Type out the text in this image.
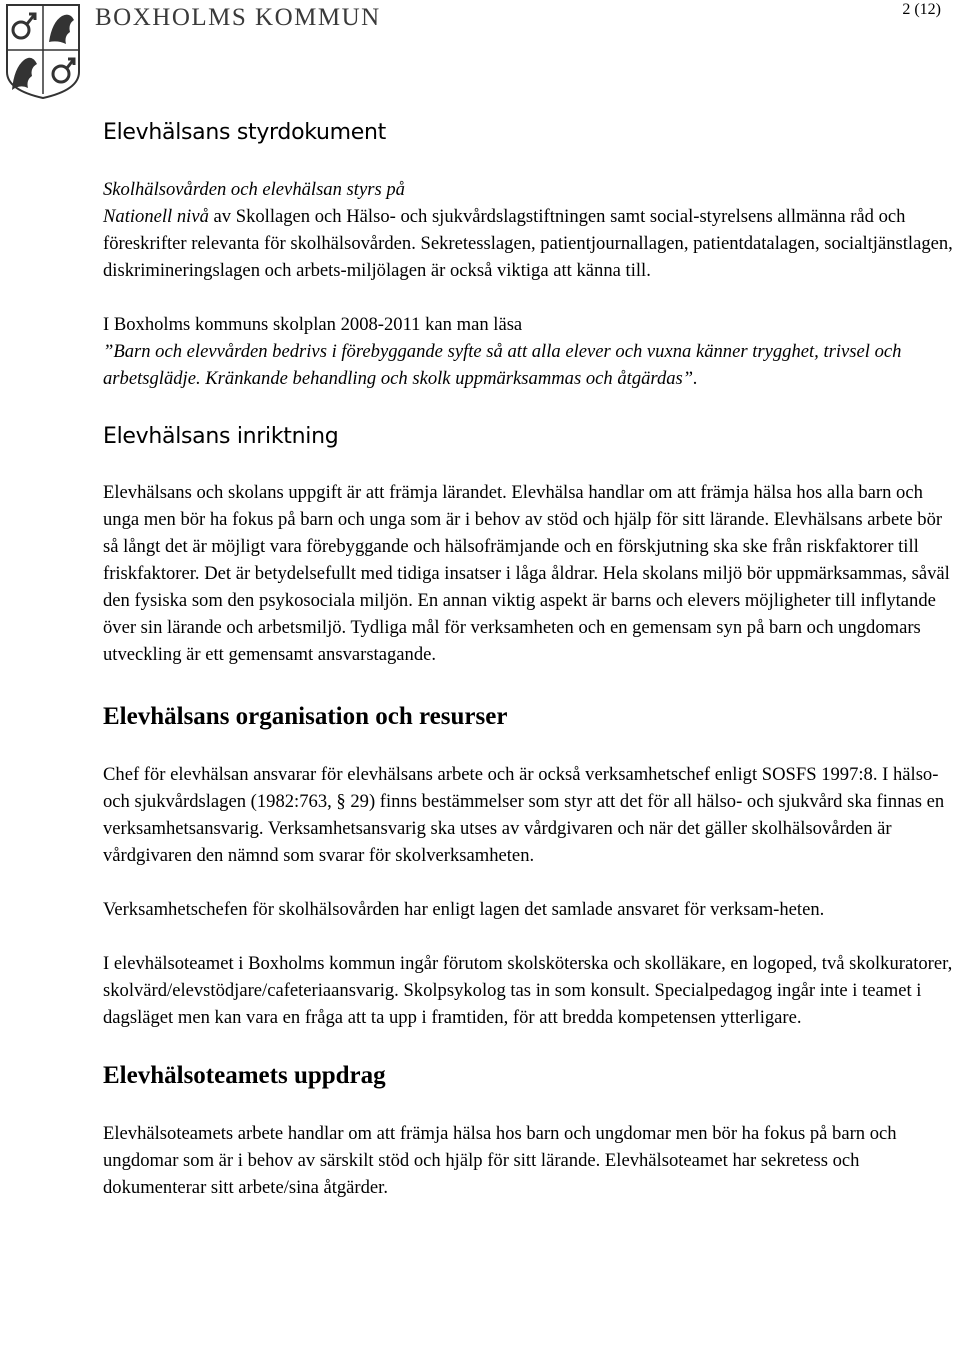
BOXHOLMS KOMMUN	2 (12)
Elevhälsans styrdokument
Skolhälsovården och elevhälsan styrs på

Nationell nivå av Skollagen och Hälso- och sjukvårdslagstiftningen samt social-styrelsens allmänna råd och föreskrifter relevanta för skolhälsovården. Sekretesslagen, patientjournallagen, patientdatalagen, socialtjänstlagen, diskrimineringslagen och arbets-miljölagen är också viktiga att känna till.

I Boxholms kommuns skolplan 2008-2011 kan man läsa

”Barn och elevvården bedrivs i förebyggande syfte så att alla elever och vuxna känner trygghet, trivsel och arbetsglädje. Kränkande behandling och skolk uppmärksammas och åtgärdas”.

Elevhälsans inriktning

Elevhälsans och skolans uppgift är att främja lärandet. Elevhälsa handlar om att främja hälsa hos alla barn och unga men bör ha fokus på barn och unga som är i behov av stöd och hjälp för sitt lärande. Elevhälsans arbete bör så långt det är möjligt vara förebyggande och hälsofrämjande och en förskjutning ska ske från riskfaktorer till friskfaktorer. Det är betydelsefullt med tidiga insatser i låga åldrar. Hela skolans miljö bör uppmärksammas, såväl den fysiska som den psykosociala miljön. En annan viktig aspekt är barns och elevers möjligheter till inflytande över sin lärande och arbetsmiljö. Tydliga mål för verksamheten och en gemensam syn på barn och ungdomars utveckling är ett gemensamt ansvarstagande.

Elevhälsans organisation och resurser

Chef för elevhälsan ansvarar för elevhälsans arbete och är också verksamhetschef enligt SOSFS 1997:8. I hälso- och sjukvårdslagen (1982:763, § 29) finns bestämmelser som styr att det för all hälso- och sjukvård ska finnas en verksamhetsansvarig. Verksamhetsansvarig ska utses av vårdgivaren och när det gäller skolhälsovården är vårdgivaren den nämnd som svarar för skolverksamheten.

Verksamhetschefen för skolhälsovården har enligt lagen det samlade ansvaret för verksam-heten.

I elevhälsoteamet i Boxholms kommun ingår förutom skolsköterska och skolläkare, en logoped, två skolkuratorer, skolvärd/elevstödjare/cafeteriaansvarig. Skolpsykolog tas in som konsult. Specialpedagog ingår inte i teamet i dagsläget men kan vara en fråga att ta upp i framtiden, för att bredda kompetensen ytterligare.

Elevhälsoteamets uppdrag

Elevhälsoteamets arbete handlar om att främja hälsa hos barn och ungdomar men bör ha fokus på barn och ungdomar som är i behov av särskilt stöd och hjälp för sitt lärande. Elevhälsoteamet har sekretess och dokumenterar sitt arbete/sina åtgärder.
